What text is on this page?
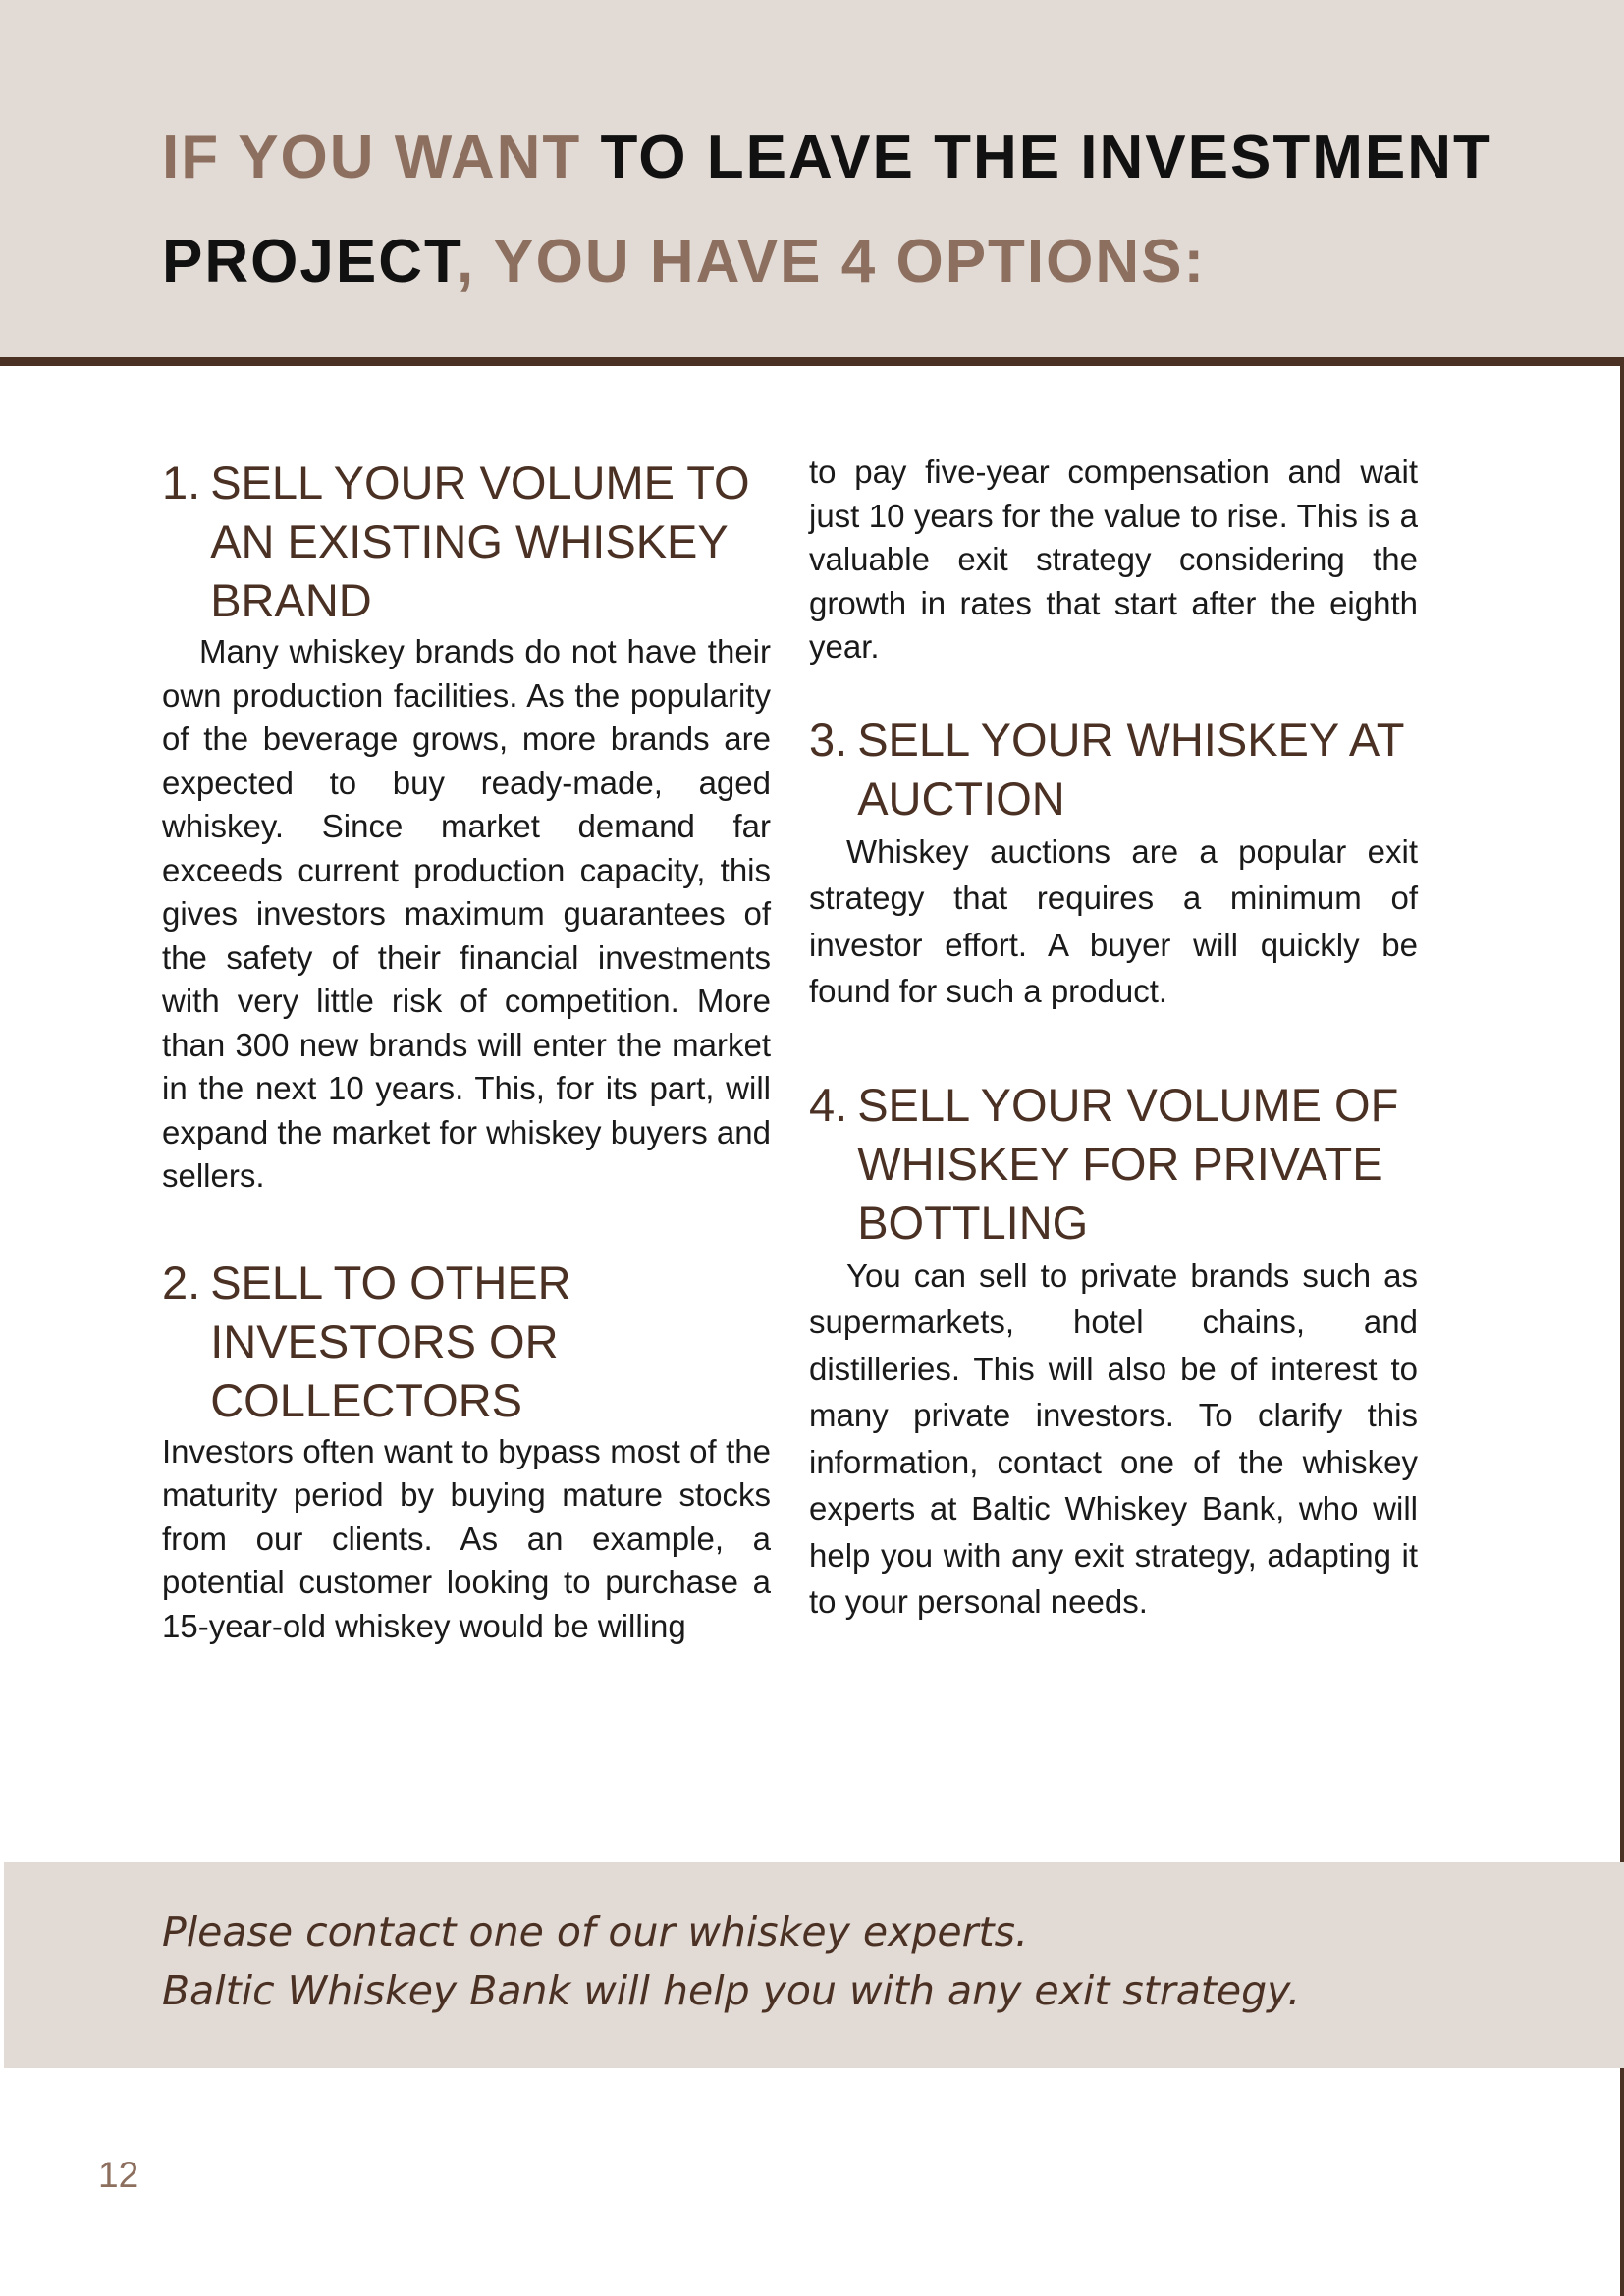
IF YOU WANT TO LEAVE THE INVESTMENT PROJECT, YOU HAVE 4 OPTIONS:
1. SELL YOUR VOLUME TO AN EXISTING WHISKEY BRAND

Many whiskey brands do not have their own production facilities. As the popularity of the beverage grows, more brands are expected to buy ready-made, aged whiskey. Since market demand far exceeds current production capacity, this gives investors maximum guarantees of the safety of their financial investments with very little risk of competition. More than 300 new brands will enter the market in the next 10 years. This, for its part, will expand the market for whiskey buyers and sellers.

2. SELL TO OTHER INVESTORS OR COLLECTORS

Investors often want to bypass most of the maturity period by buying mature stocks from our clients. As an example, a potential customer looking to purchase a 15-year-old whiskey would be willing

to pay five-year compensation and wait just 10 years for the value to rise. This is a valuable exit strategy considering the growth in rates that start after the eighth year.

3. SELL YOUR WHISKEY AT AUCTION

Whiskey auctions are a popular exit strategy that requires a minimum of investor effort. A buyer will quickly be found for such a product.

4. SELL YOUR VOLUME OF WHISKEY FOR PRIVATE BOTTLING

You can sell to private brands such as supermarkets, hotel chains, and distilleries. This will also be of interest to many private investors. To clarify this information, contact one of the whiskey experts at Baltic Whiskey Bank, who will help you with any exit strategy, adapting it to your personal needs.

Please contact one of our whiskey experts.
Baltic Whiskey Bank will help you with any exit strategy.
12
